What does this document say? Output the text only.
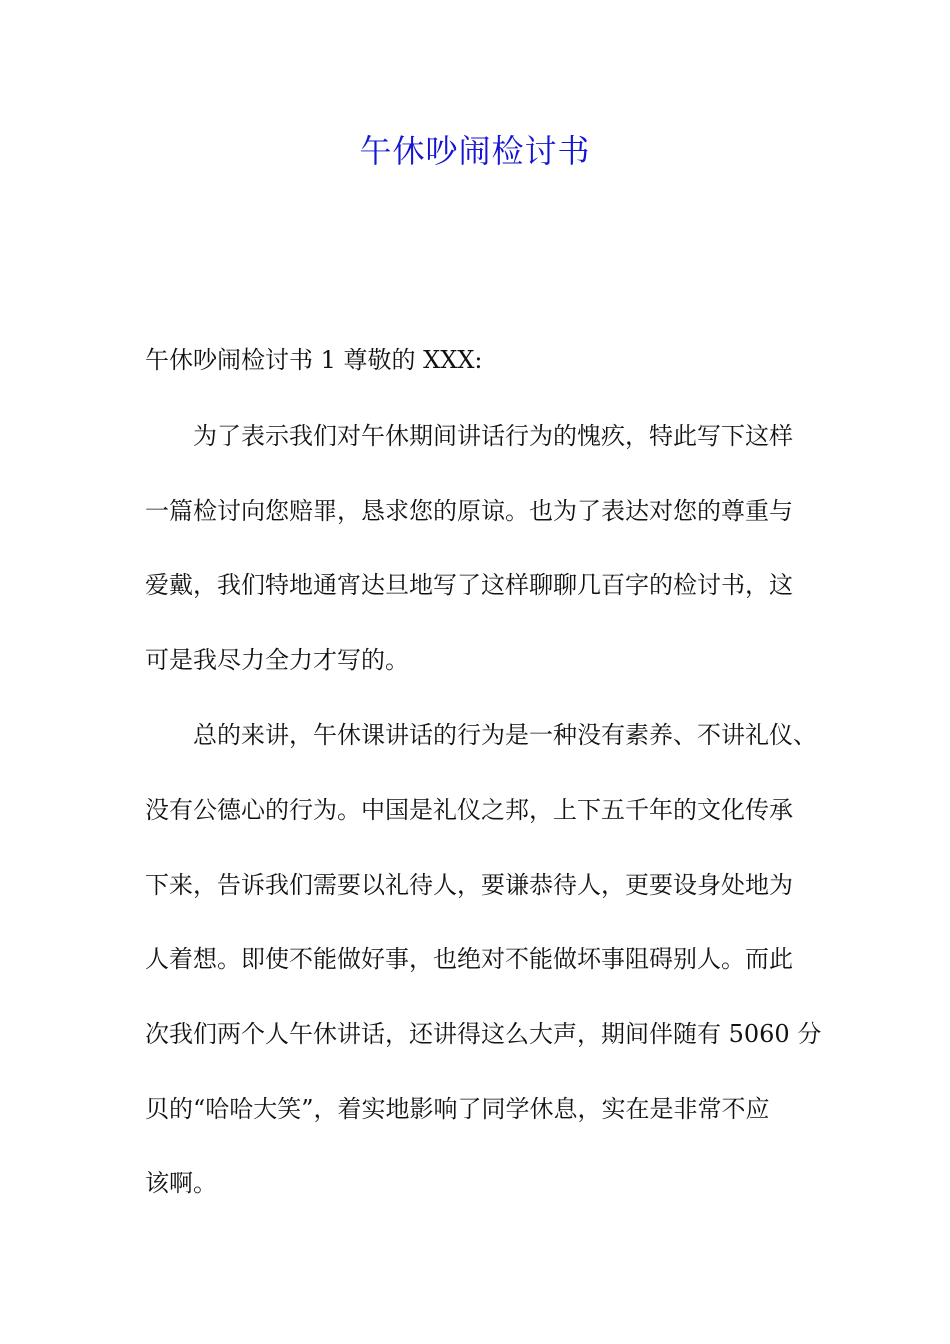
午休吵闹检讨书

午休吵闹检讨书 1 尊敬的 XXX:

为了表示我们对午休期间讲话行为的愧疚，特此写下这样

一篇检讨向您赔罪，恳求您的原谅。也为了表达对您的尊重与

爱戴，我们特地通宵达旦地写了这样聊聊几百字的检讨书，这

可是我尽力全力才写的。

总的来讲，午休课讲话的行为是一种没有素养、不讲礼仪、

没有公德心的行为。中国是礼仪之邦，上下五千年的文化传承

下来，告诉我们需要以礼待人，要谦恭待人，更要设身处地为

人着想。即使不能做好事，也绝对不能做坏事阻碍别人。而此

次我们两个人午休讲话，还讲得这么大声，期间伴随有 5060 分

贝的“哈哈大笑”，着实地影响了同学休息，实在是非常不应

该啊。
